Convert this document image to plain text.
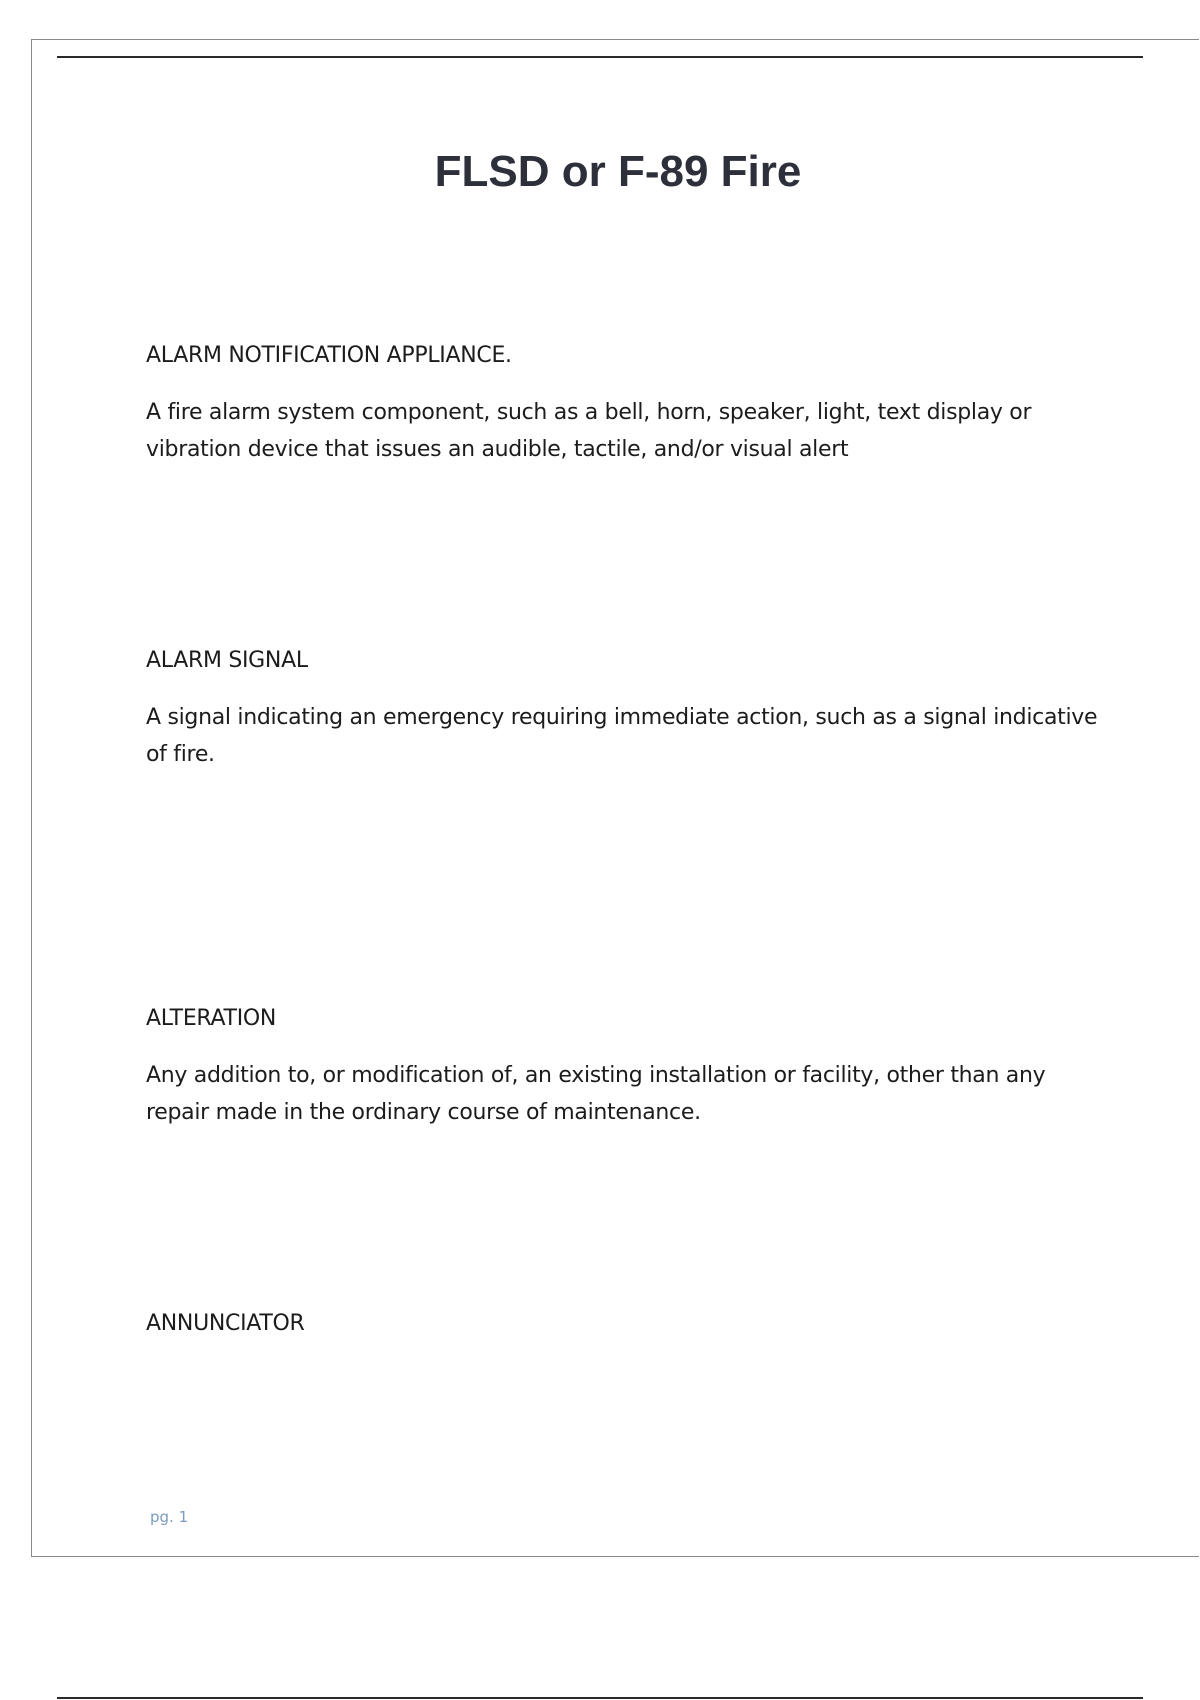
FLSD or F-89 Fire

ALARM NOTIFICATION APPLIANCE.

A fire alarm system component, such as a bell, horn, speaker, light, text display or vibration device that issues an audible, tactile, and/or visual alert

ALARM SIGNAL

A signal indicating an emergency requiring immediate action, such as a signal indicative of fire.

ALTERATION

Any addition to, or modification of, an existing installation or facility, other than any repair made in the ordinary course of maintenance.

ANNUNCIATOR

pg. 1
